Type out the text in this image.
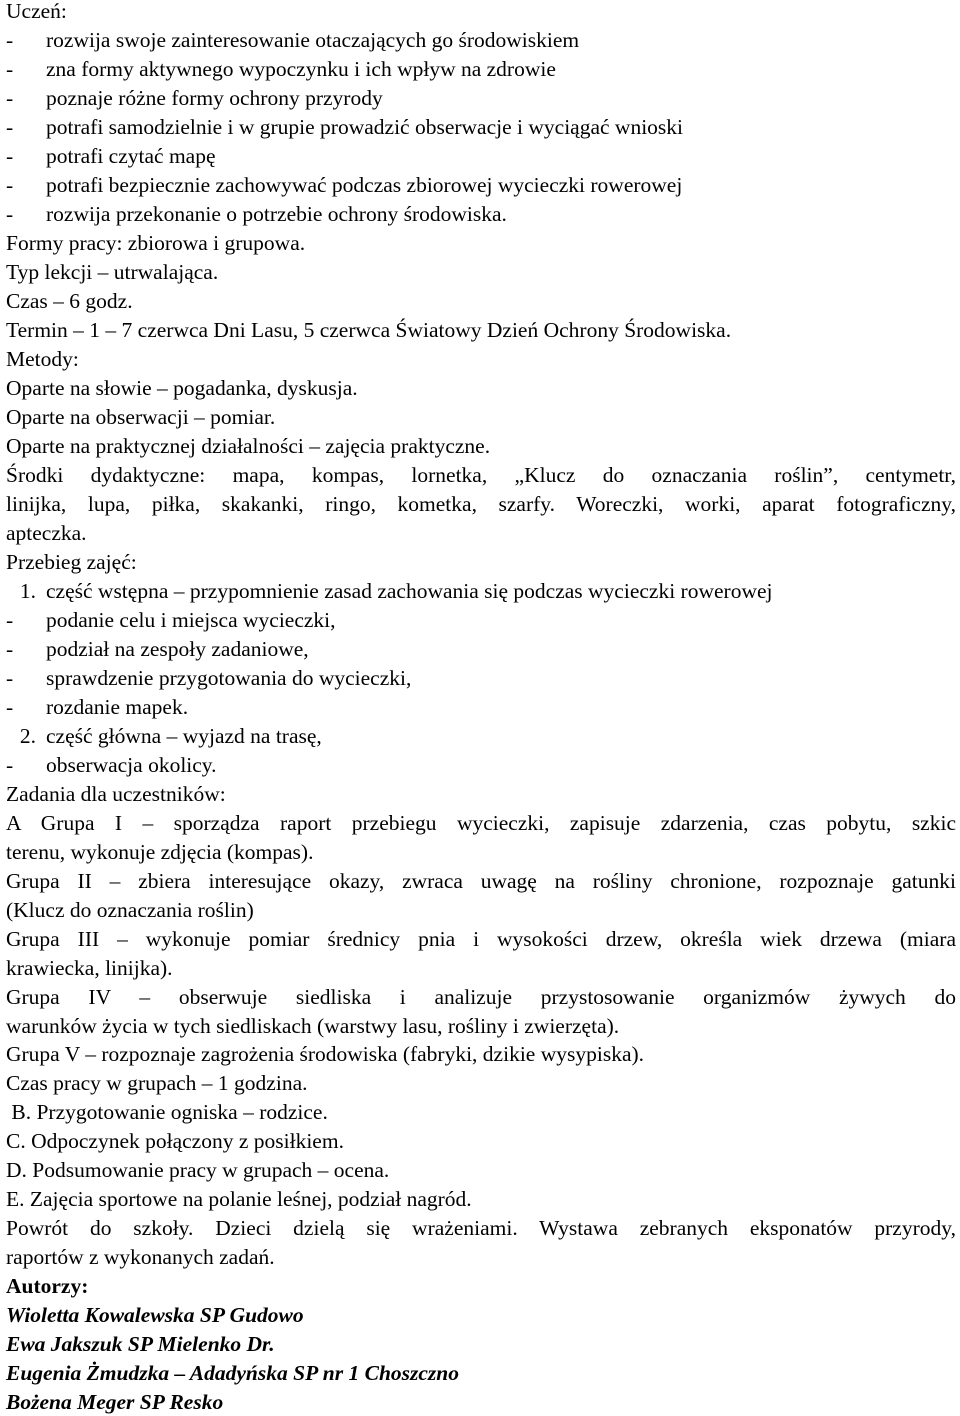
Uczeń:
- rozwija swoje zainteresowanie otaczających go środowiskiem
- zna formy aktywnego wypoczynku i ich wpływ na zdrowie
- poznaje różne formy ochrony przyrody
- potrafi samodzielnie i w grupie prowadzić obserwacje i wyciągać wnioski
- potrafi czytać mapę
- potrafi bezpiecznie zachowywać podczas zbiorowej wycieczki rowerowej
- rozwija przekonanie o potrzebie ochrony środowiska.
Formy pracy: zbiorowa i grupowa.
Typ lekcji – utrwalająca.
Czas – 6 godz.
Termin – 1 – 7 czerwca Dni Lasu, 5 czerwca Światowy Dzień Ochrony Środowiska.
Metody:
Oparte na słowie – pogadanka, dyskusja.
Oparte na obserwacji – pomiar.
Oparte na praktycznej działalności – zajęcia praktyczne.
Środki dydaktyczne: mapa, kompas, lornetka, „Klucz do oznaczania roślin”, centymetr,
linijka, lupa, piłka, skakanki, ringo, kometka, szarfy. Woreczki, worki, aparat fotograficzny,
apteczka.
Przebieg zajęć:
1. część wstępna – przypomnienie zasad zachowania się podczas wycieczki rowerowej
- podanie celu i miejsca wycieczki,
- podział na zespoły zadaniowe,
- sprawdzenie przygotowania do wycieczki,
- rozdanie mapek.
2. część główna – wyjazd na trasę,
- obserwacja okolicy.
Zadania dla uczestników:
A Grupa I – sporządza raport przebiegu wycieczki, zapisuje zdarzenia, czas pobytu, szkic
terenu, wykonuje zdjęcia (kompas).
Grupa II – zbiera interesujące okazy, zwraca uwagę na rośliny chronione, rozpoznaje gatunki
(Klucz do oznaczania roślin)
Grupa III – wykonuje pomiar średnicy pnia i wysokości drzew, określa wiek drzewa (miara
krawiecka, linijka).
Grupa IV – obserwuje siedliska i analizuje przystosowanie organizmów żywych do
warunków życia w tych siedliskach (warstwy lasu, rośliny i zwierzęta).
Grupa V – rozpoznaje zagrożenia środowiska (fabryki, dzikie wysypiska).
Czas pracy w grupach – 1 godzina.
B. Przygotowanie ogniska – rodzice.
C. Odpoczynek połączony z posiłkiem.
D. Podsumowanie pracy w grupach – ocena.
E. Zajęcia sportowe na polanie leśnej, podział nagród.
Powrót do szkoły. Dzieci dzielą się wrażeniami. Wystawa zebranych eksponatów przyrody,
raportów z wykonanych zadań.
Autorzy:
Wioletta Kowalewska SP Gudowo
Ewa Jakszuk SP Mielenko Dr.
Eugenia Żmudzka – Adadyńska SP nr 1 Choszczno
Bożena Meger SP Resko
